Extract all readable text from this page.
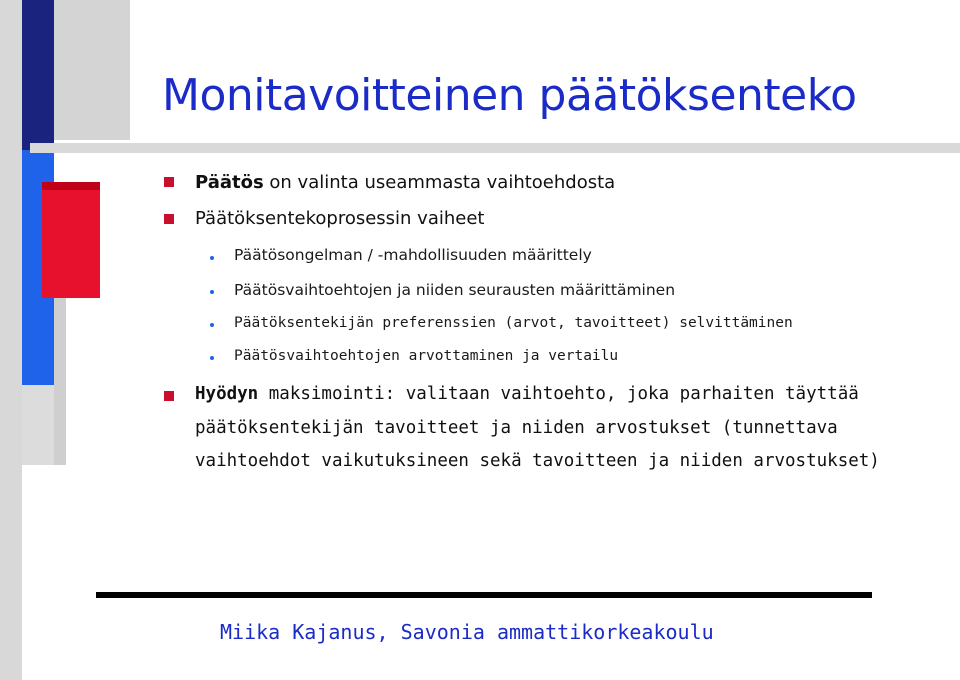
Monitavoitteinen päätöksenteko
Päätös on valinta useammasta vaihtoehdosta
Päätöksentekoprosessin vaiheet
Päätösongelman / -mahdollisuuden määrittely
Päätösvaihtoehtojen ja niiden seurausten määrittäminen
Päätöksentekijän preferenssien (arvot, tavoitteet) selvittäminen
Päätösvaihtoehtojen arvottaminen ja vertailu
Hyödyn maksimointi: valitaan vaihtoehto, joka parhaiten täyttää
päätöksentekijän tavoitteet ja niiden arvostukset (tunnettava
vaihtoehdot vaikutuksineen sekä tavoitteen ja niiden arvostukset)
Miika Kajanus, Savonia ammattikorkeakoulu
